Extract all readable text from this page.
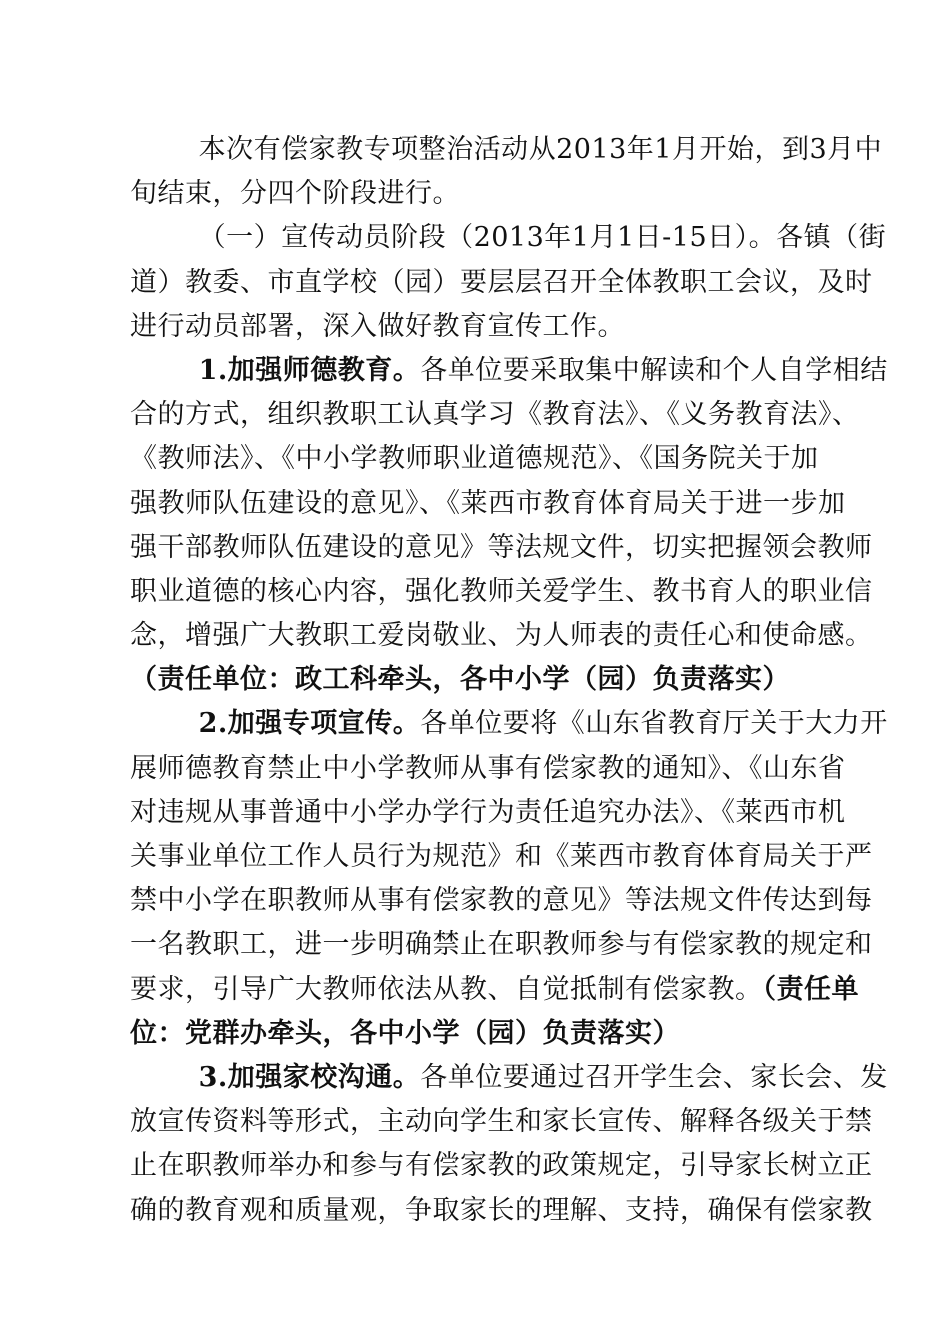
本次有偿家教专项整治活动从2013年1月开始，到3月中
旬结束，分四个阶段进行。
（一）宣传动员阶段（2013年1月1日-15日）。各镇（街
道）教委、市直学校（园）要层层召开全体教职工会议，及时
进行动员部署，深入做好教育宣传工作。
1.加强师德教育。各单位要采取集中解读和个人自学相结
合的方式，组织教职工认真学习《教育法》、《义务教育法》、
《教师法》、《中小学教师职业道德规范》、《国务院关于加
强教师队伍建设的意见》、《莱西市教育体育局关于进一步加
强干部教师队伍建设的意见》等法规文件，切实把握领会教师
职业道德的核心内容，强化教师关爱学生、教书育人的职业信
念，增强广大教职工爱岗敬业、为人师表的责任心和使命感。
（责任单位：政工科牵头，各中小学（园）负责落实）
2.加强专项宣传。各单位要将《山东省教育厅关于大力开
展师德教育禁止中小学教师从事有偿家教的通知》、《山东省
对违规从事普通中小学办学行为责任追究办法》、《莱西市机
关事业单位工作人员行为规范》和《莱西市教育体育局关于严
禁中小学在职教师从事有偿家教的意见》等法规文件传达到每
一名教职工，进一步明确禁止在职教师参与有偿家教的规定和
要求，引导广大教师依法从教、自觉抵制有偿家教。（责任单
位：党群办牵头，各中小学（园）负责落实）
3.加强家校沟通。各单位要通过召开学生会、家长会、发
放宣传资料等形式，主动向学生和家长宣传、解释各级关于禁
止在职教师举办和参与有偿家教的政策规定，引导家长树立正
确的教育观和质量观，争取家长的理解、支持，确保有偿家教
